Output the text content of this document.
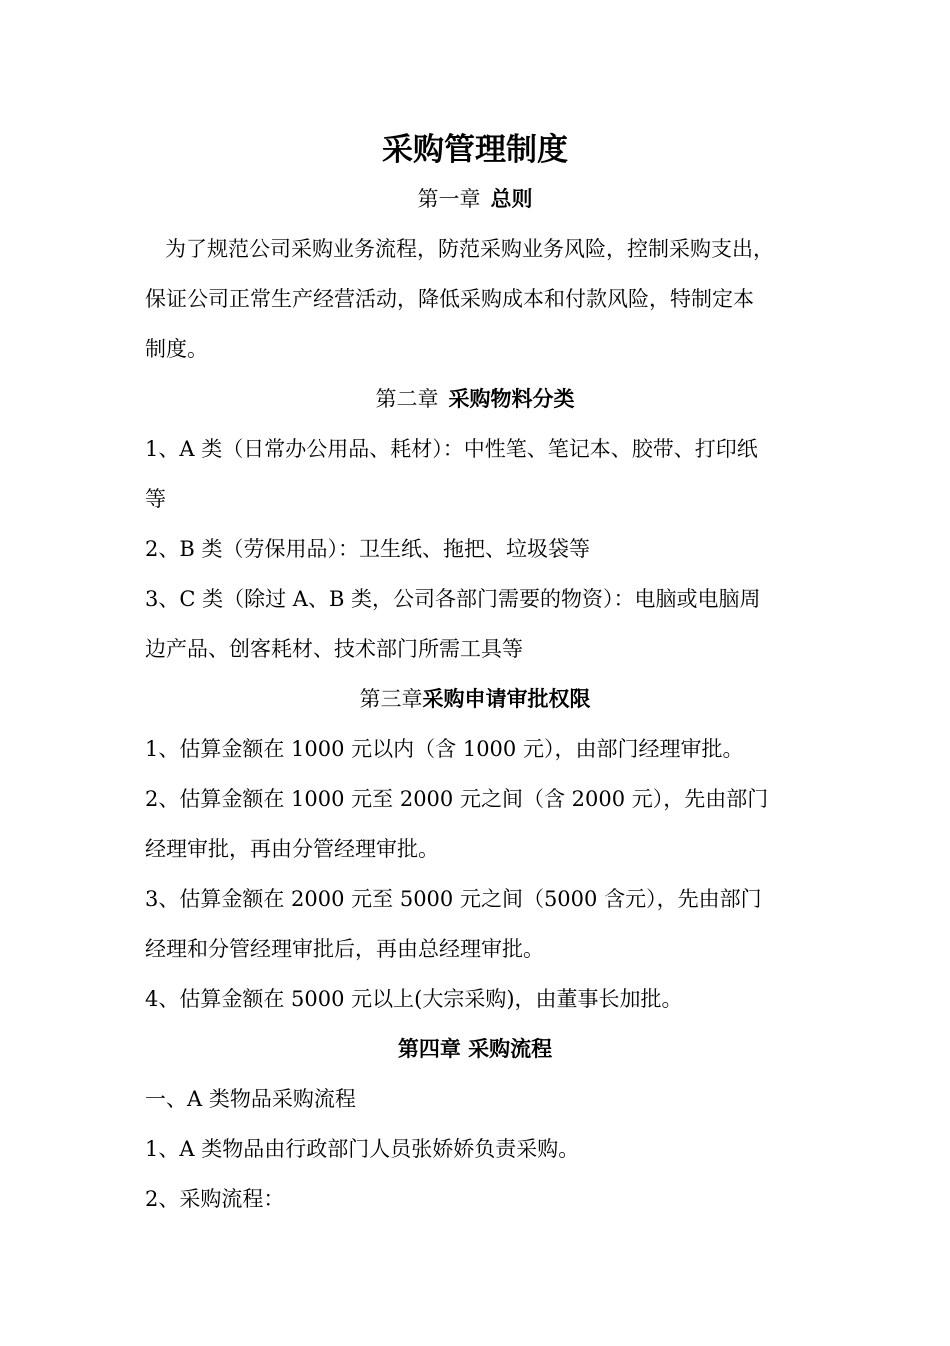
采购管理制度
第一章 总则
为了规范公司采购业务流程，防范采购业务风险，控制采购支出，
保证公司正常生产经营活动，降低采购成本和付款风险，特制定本
制度。
第二章 采购物料分类
1、A 类（日常办公用品、耗材）：中性笔、笔记本、胶带、打印纸
等
2、B 类（劳保用品）：卫生纸、拖把、垃圾袋等
3、C 类（除过 A、B 类，公司各部门需要的物资）：电脑或电脑周
边产品、创客耗材、技术部门所需工具等
第三章采购申请审批权限
1、估算金额在 1000 元以内（含 1000 元），由部门经理审批。
2、估算金额在 1000 元至 2000 元之间（含 2000 元），先由部门
经理审批，再由分管经理审批。
3、估算金额在 2000 元至 5000 元之间（5000 含元），先由部门
经理和分管经理审批后，再由总经理审批。
4、估算金额在 5000 元以上(大宗采购)，由董事长加批。
第四章 采购流程
一、A 类物品采购流程
1、A 类物品由行政部门人员张娇娇负责采购。
2、采购流程：
